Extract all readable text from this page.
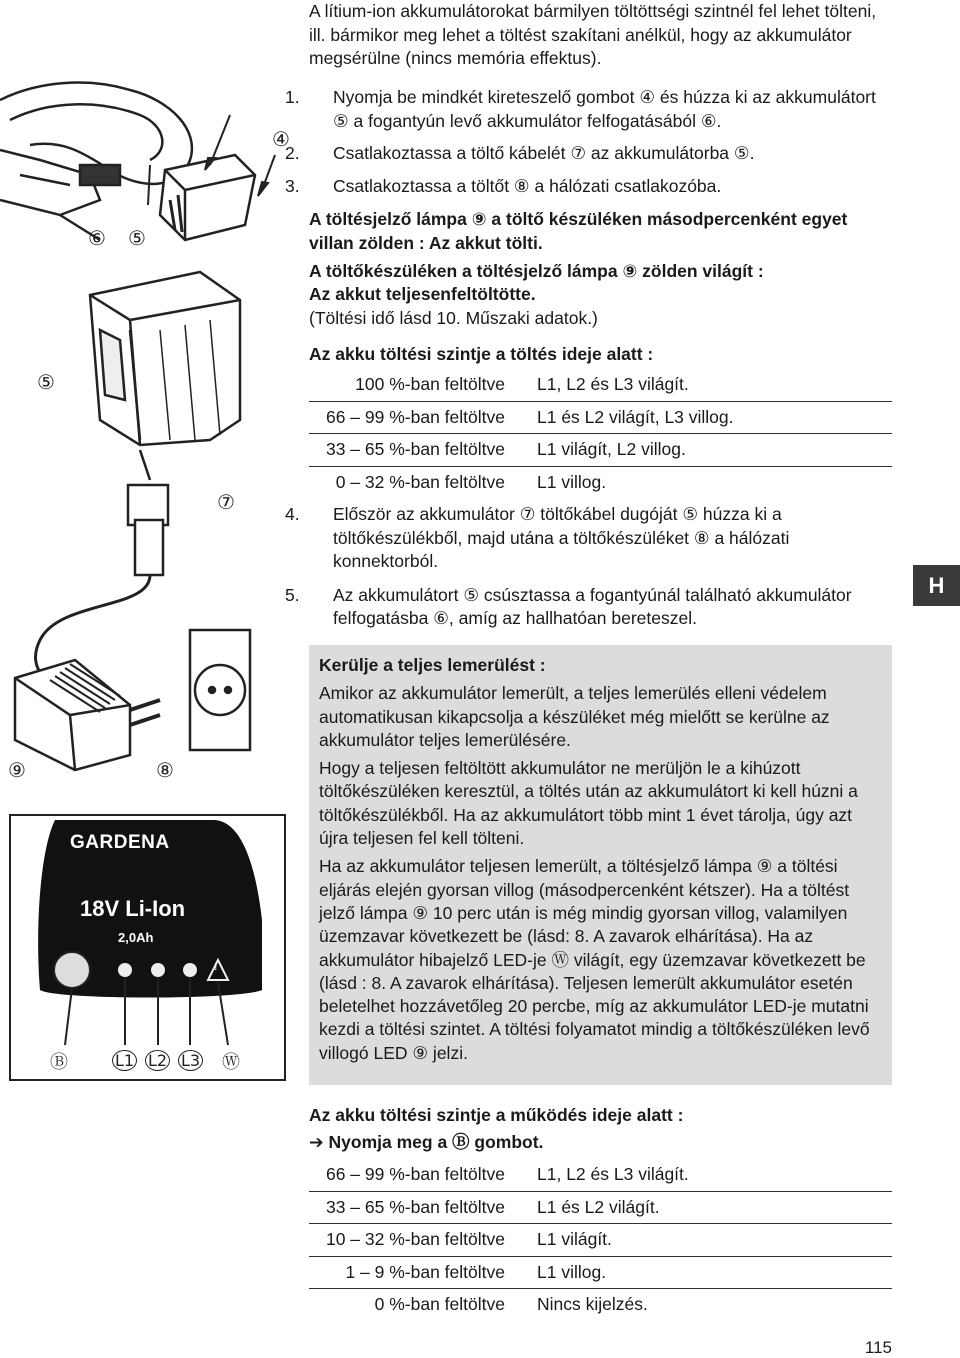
GARDENA
18V Li-Ion
2,0Ah
!
④
⑥ ⑤
⑤
⑦
⑨	⑧
Ⓑ	L1 L2 L3 Ⓦ

A lítium-ion akkumulátorokat bármilyen töltöttségi szintnél fel lehet tölteni, ill. bármikor meg lehet a töltést szakítani anélkül, hogy az akkumulátor megsérülne (nincs memória effektus).

1. Nyomja be mindkét kireteszelő gombot ④ és húzza ki az akkumulátort ⑤ a fogantyún levő akkumulátor felfogatásából ⑥.

2. Csatlakoztassa a töltő kábelét ⑦ az akkumulátorba ⑤.

3. Csatlakoztassa a töltőt ⑧ a hálózati csatlakozóba.

A töltésjelző lámpa ⑨ a töltő készüléken másodpercenként egyet villan zölden : Az akkut tölti.

A töltőkészüléken a töltésjelző lámpa ⑨ zölden világít :

Az akkut teljesenfeltöltötte.

(Töltési idő lásd 10. Műszaki adatok.)

Az akku töltési szintje a töltés ideje alatt :

100 %-ban feltöltve L1, L2 és L3 világít.
66 – 99 %-ban feltöltve L1 és L2 világít, L3 villog.
33 – 65 %-ban feltöltve L1 világít, L2 villog.
0 – 32 %-ban feltöltve L1 villog.

4. Először az akkumulátor ⑦ töltőkábel dugóját ⑤ húzza ki a töltőkészülékből, majd utána a töltőkészüléket ⑧ a hálózati konnektorból.

5. Az akkumulátort ⑤ csúsztassa a fogantyúnál található akkumulátor felfogatásba ⑥, amíg az hallhatóan bereteszel.

H

Kerülje a teljes lemerülést :

Amikor az akkumulátor lemerült, a teljes lemerülés elleni védelem automatikusan kikapcsolja a készüléket még mielőtt se kerülne az akkumulátor teljes lemerülésére.

Hogy a teljesen feltöltött akkumulátor ne merüljön le a kihúzott töltőkészüléken keresztül, a töltés után az akkumulátort ki kell húzni a töltőkészülékből. Ha az akkumulátort több mint 1 évet tárolja, úgy azt újra teljesen fel kell tölteni.

Ha az akkumulátor teljesen lemerült, a töltésjelző lámpa ⑨ a töltési eljárás elején gyorsan villog (másodpercenként kétszer). Ha a töltést jelző lámpa ⑨ 10 perc után is még mindig gyorsan villog, valamilyen üzemzavar következett be (lásd: 8. A zavarok elhárítása). Ha az akkumulátor hibajelző LED-je Ⓦ világít, egy üzemzavar következett be (lásd : 8. A zavarok elhárítása). Teljesen lemerült akkumulátor esetén beletelhet hozzávetőleg 20 percbe, míg az akkumulátor LED-je mutatni kezdi a töltési szintet. A töltési folyamatot mindig a töltőkészüléken levő villogó LED ⑨ jelzi.

Az akku töltési szintje a működés ideje alatt :

➔ Nyomja meg a Ⓑ gombot.

66 – 99 %-ban feltöltve L1, L2 és L3 világít.
33 – 65 %-ban feltöltve L1 és L2 világít.
10 – 32 %-ban feltöltve L1 világít.
1 – 9 %-ban feltöltve L1 villog.
0 %-ban feltöltve Nincs kijelzés.
115
